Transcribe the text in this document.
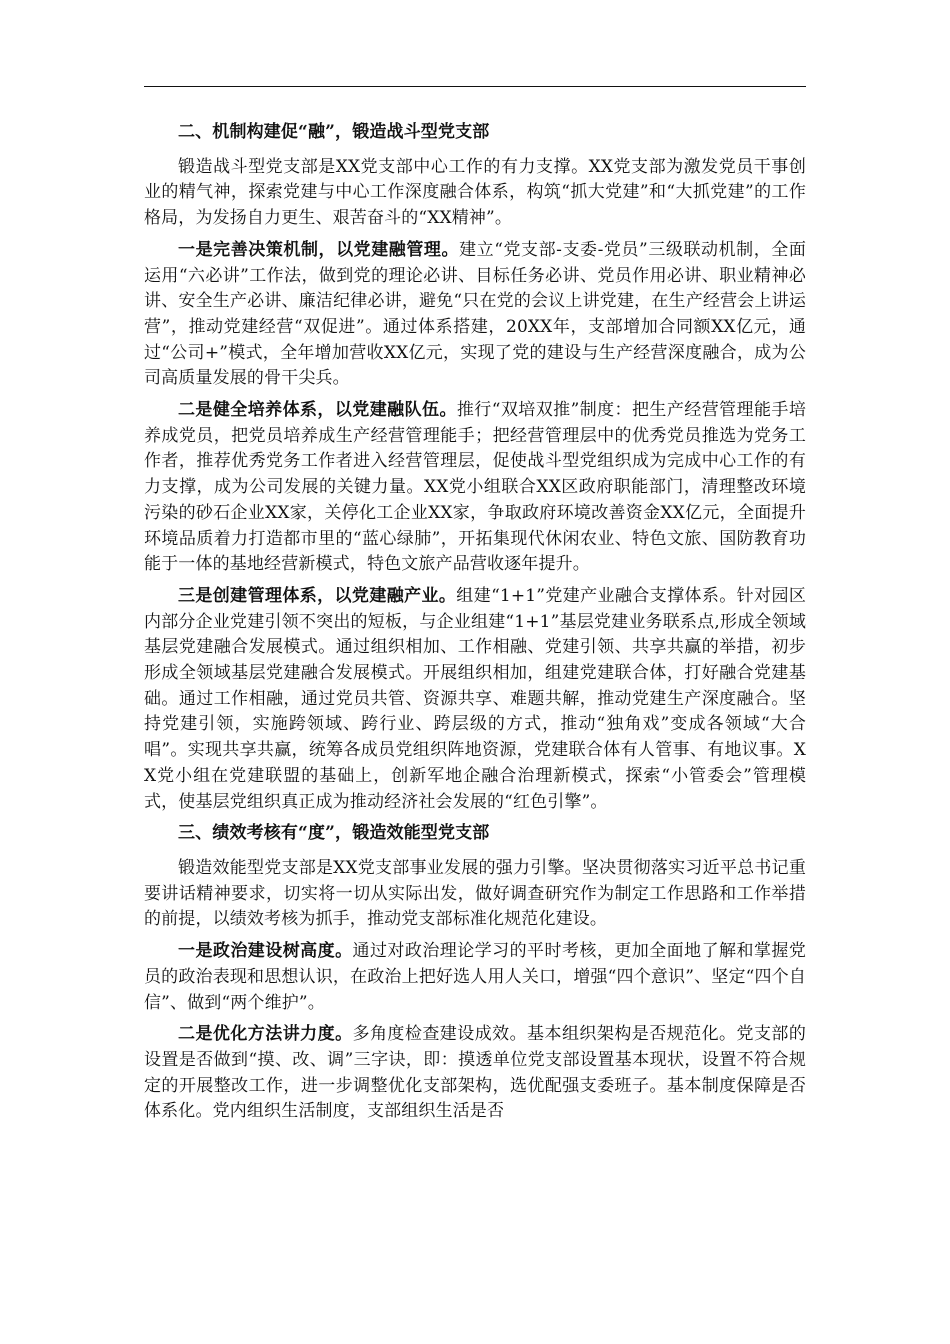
二、机制构建促“融”，锻造战斗型党支部

锻造战斗型党支部是XX党支部中心工作的有力支撑。XX党支部为激发党员干事创业的精气神，探索党建与中心工作深度融合体系，构筑“抓大党建”和“大抓党建”的工作格局，为发扬自力更生、艰苦奋斗的“XX精神”。

一是完善决策机制，以党建融管理。建立“党支部-支委-党员”三级联动机制，全面运用“六必讲”工作法，做到党的理论必讲、目标任务必讲、党员作用必讲、职业精神必讲、安全生产必讲、廉洁纪律必讲，避免“只在党的会议上讲党建，在生产经营会上讲运营”，推动党建经营“双促进”。通过体系搭建，20XX年，支部增加合同额XX亿元，通过“公司+”模式，全年增加营收XX亿元，实现了党的建设与生产经营深度融合，成为公司高质量发展的骨干尖兵。

二是健全培养体系，以党建融队伍。推行“双培双推”制度：把生产经营管理能手培养成党员，把党员培养成生产经营管理能手；把经营管理层中的优秀党员推选为党务工作者，推荐优秀党务工作者进入经营管理层，促使战斗型党组织成为完成中心工作的有力支撑，成为公司发展的关键力量。XX党小组联合XX区政府职能部门，清理整改环境污染的砂石企业XX家，关停化工企业XX家，争取政府环境改善资金XX亿元，全面提升环境品质着力打造都市里的“蓝心绿肺”，开拓集现代休闲农业、特色文旅、国防教育功能于一体的基地经营新模式，特色文旅产品营收逐年提升。

三是创建管理体系，以党建融产业。组建“1+1”党建产业融合支撑体系。针对园区内部分企业党建引领不突出的短板，与企业组建“1+1”基层党建业务联系点,形成全领域基层党建融合发展模式。通过组织相加、工作相融、党建引领、共享共赢的举措，初步形成全领域基层党建融合发展模式。开展组织相加，组建党建联合体，打好融合党建基础。通过工作相融，通过党员共管、资源共享、难题共解，推动党建生产深度融合。坚持党建引领，实施跨领域、跨行业、跨层级的方式，推动“独角戏”变成各领域“大合唱”。实现共享共赢，统筹各成员党组织阵地资源，党建联合体有人管事、有地议事。XX党小组在党建联盟的基础上，创新军地企融合治理新模式，探索“小管委会”管理模式，使基层党组织真正成为推动经济社会发展的“红色引擎”。

三、绩效考核有“度”，锻造效能型党支部

锻造效能型党支部是XX党支部事业发展的强力引擎。坚决贯彻落实习近平总书记重要讲话精神要求，切实将一切从实际出发，做好调查研究作为制定工作思路和工作举措的前提，以绩效考核为抓手，推动党支部标准化规范化建设。

一是政治建设树高度。通过对政治理论学习的平时考核，更加全面地了解和掌握党员的政治表现和思想认识，在政治上把好选人用人关口，增强“四个意识”、坚定“四个自信”、做到“两个维护”。

二是优化方法讲力度。多角度检查建设成效。基本组织架构是否规范化。党支部的设置是否做到“摸、改、调”三字诀，即：摸透单位党支部设置基本现状，设置不符合规定的开展整改工作，进一步调整优化支部架构，选优配强支委班子。基本制度保障是否体系化。党内组织生活制度，支部组织生活是否
